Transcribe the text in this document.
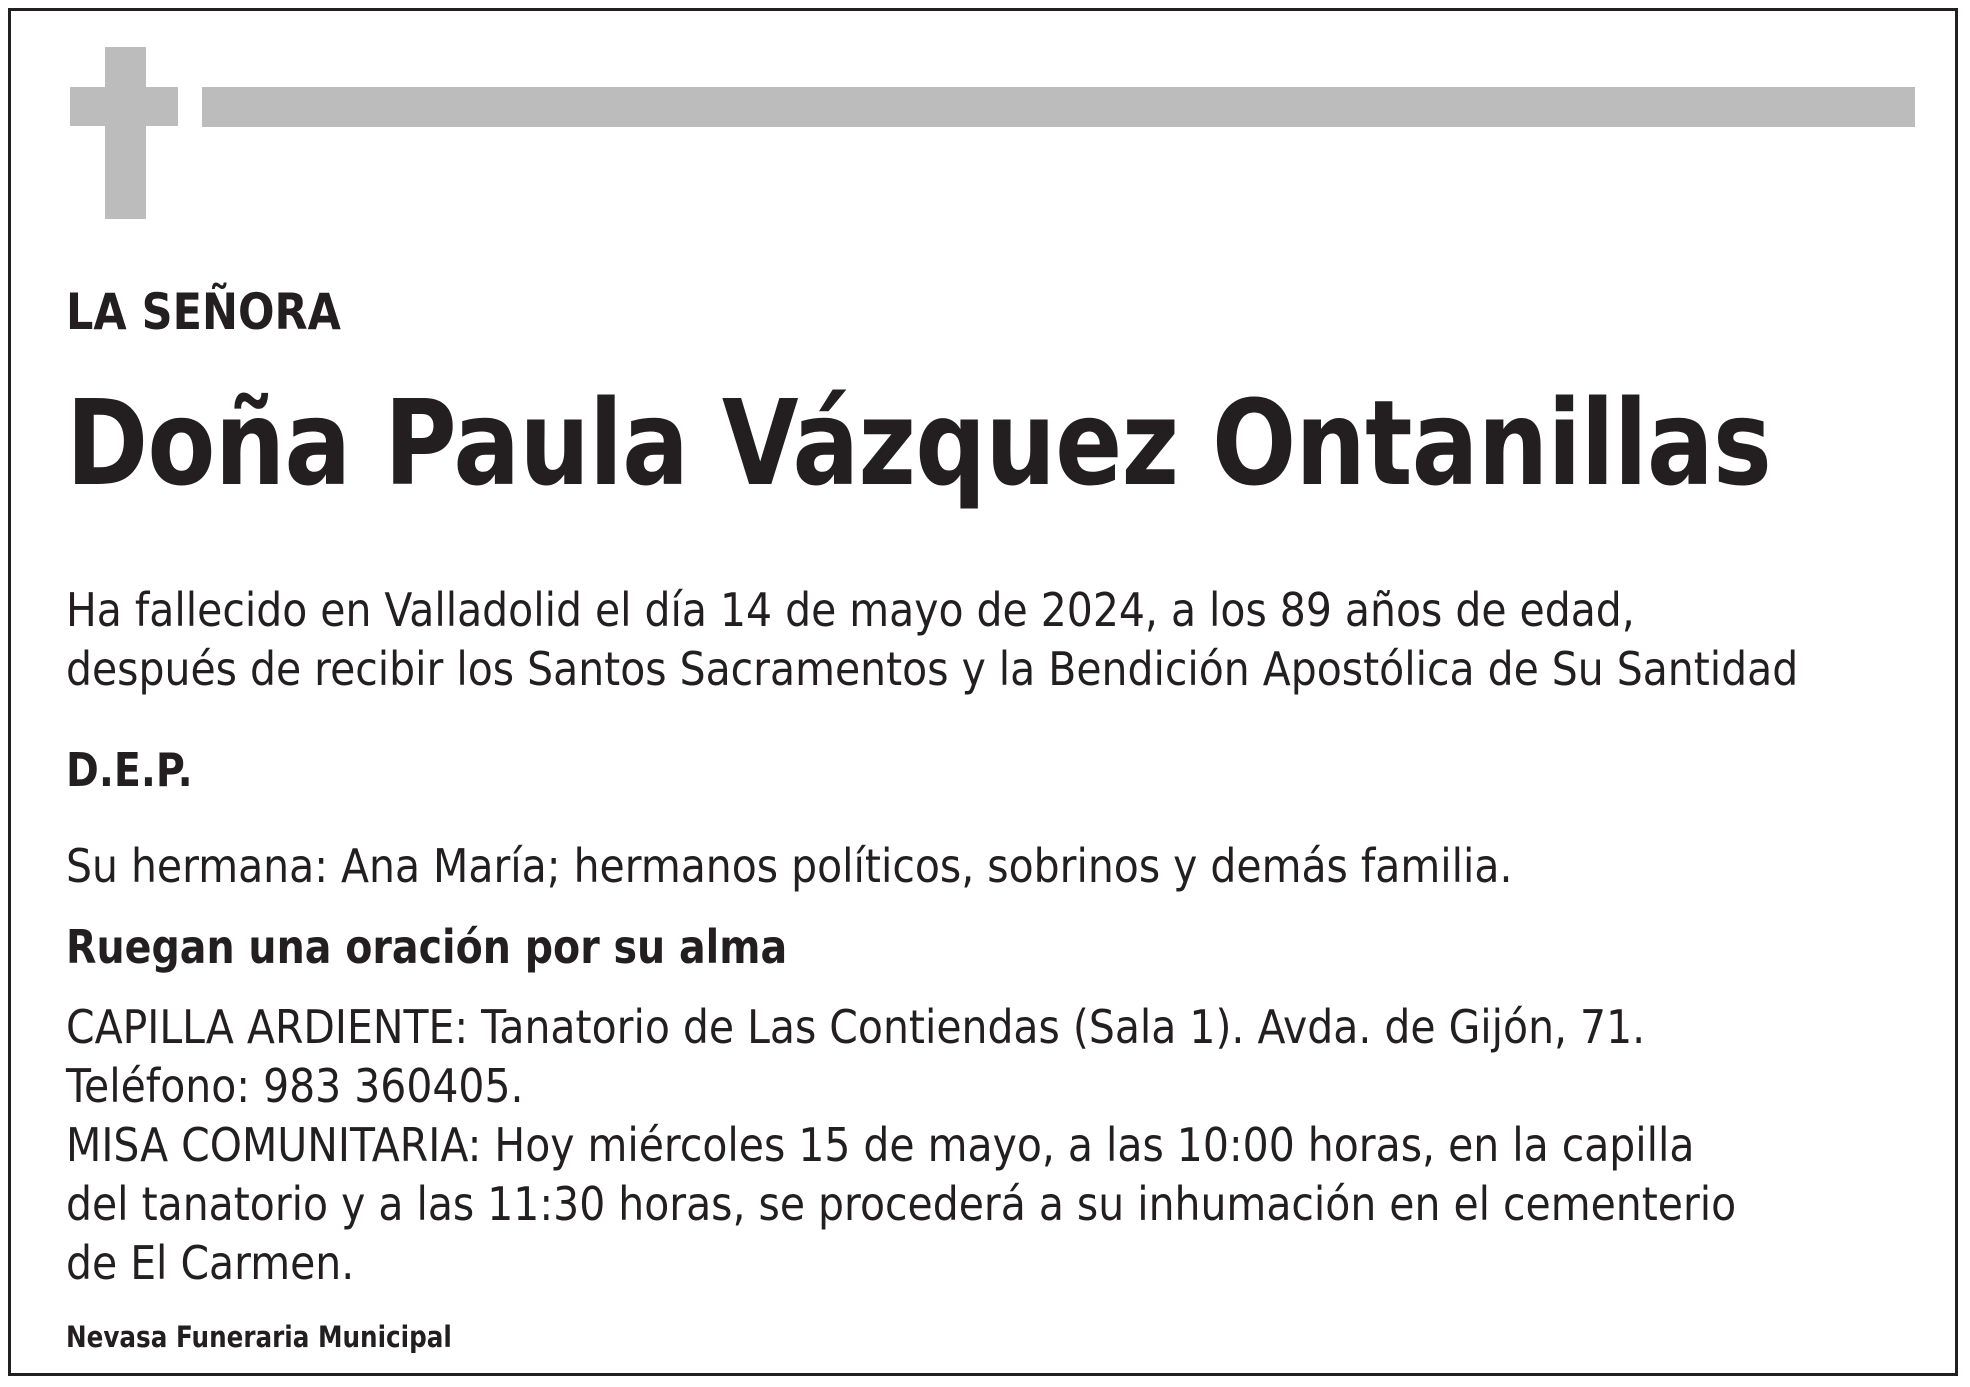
LA SEÑORA
Doña Paula Vázquez Ontanillas
Ha fallecido en Valladolid el día 14 de mayo de 2024, a los 89 años de edad,
después de recibir los Santos Sacramentos y la Bendición Apostólica de Su Santidad
D.E.P.
Su hermana: Ana María; hermanos políticos, sobrinos y demás familia.
Ruegan una oración por su alma
CAPILLA ARDIENTE: Tanatorio de Las Contiendas (Sala 1). Avda. de Gijón, 71.
Teléfono: 983 360405.
MISA COMUNITARIA: Hoy miércoles 15 de mayo, a las 10:00 horas, en la capilla
del tanatorio y a las 11:30 horas, se procederá a su inhumación en el cementerio
de El Carmen.
Nevasa Funeraria Municipal
